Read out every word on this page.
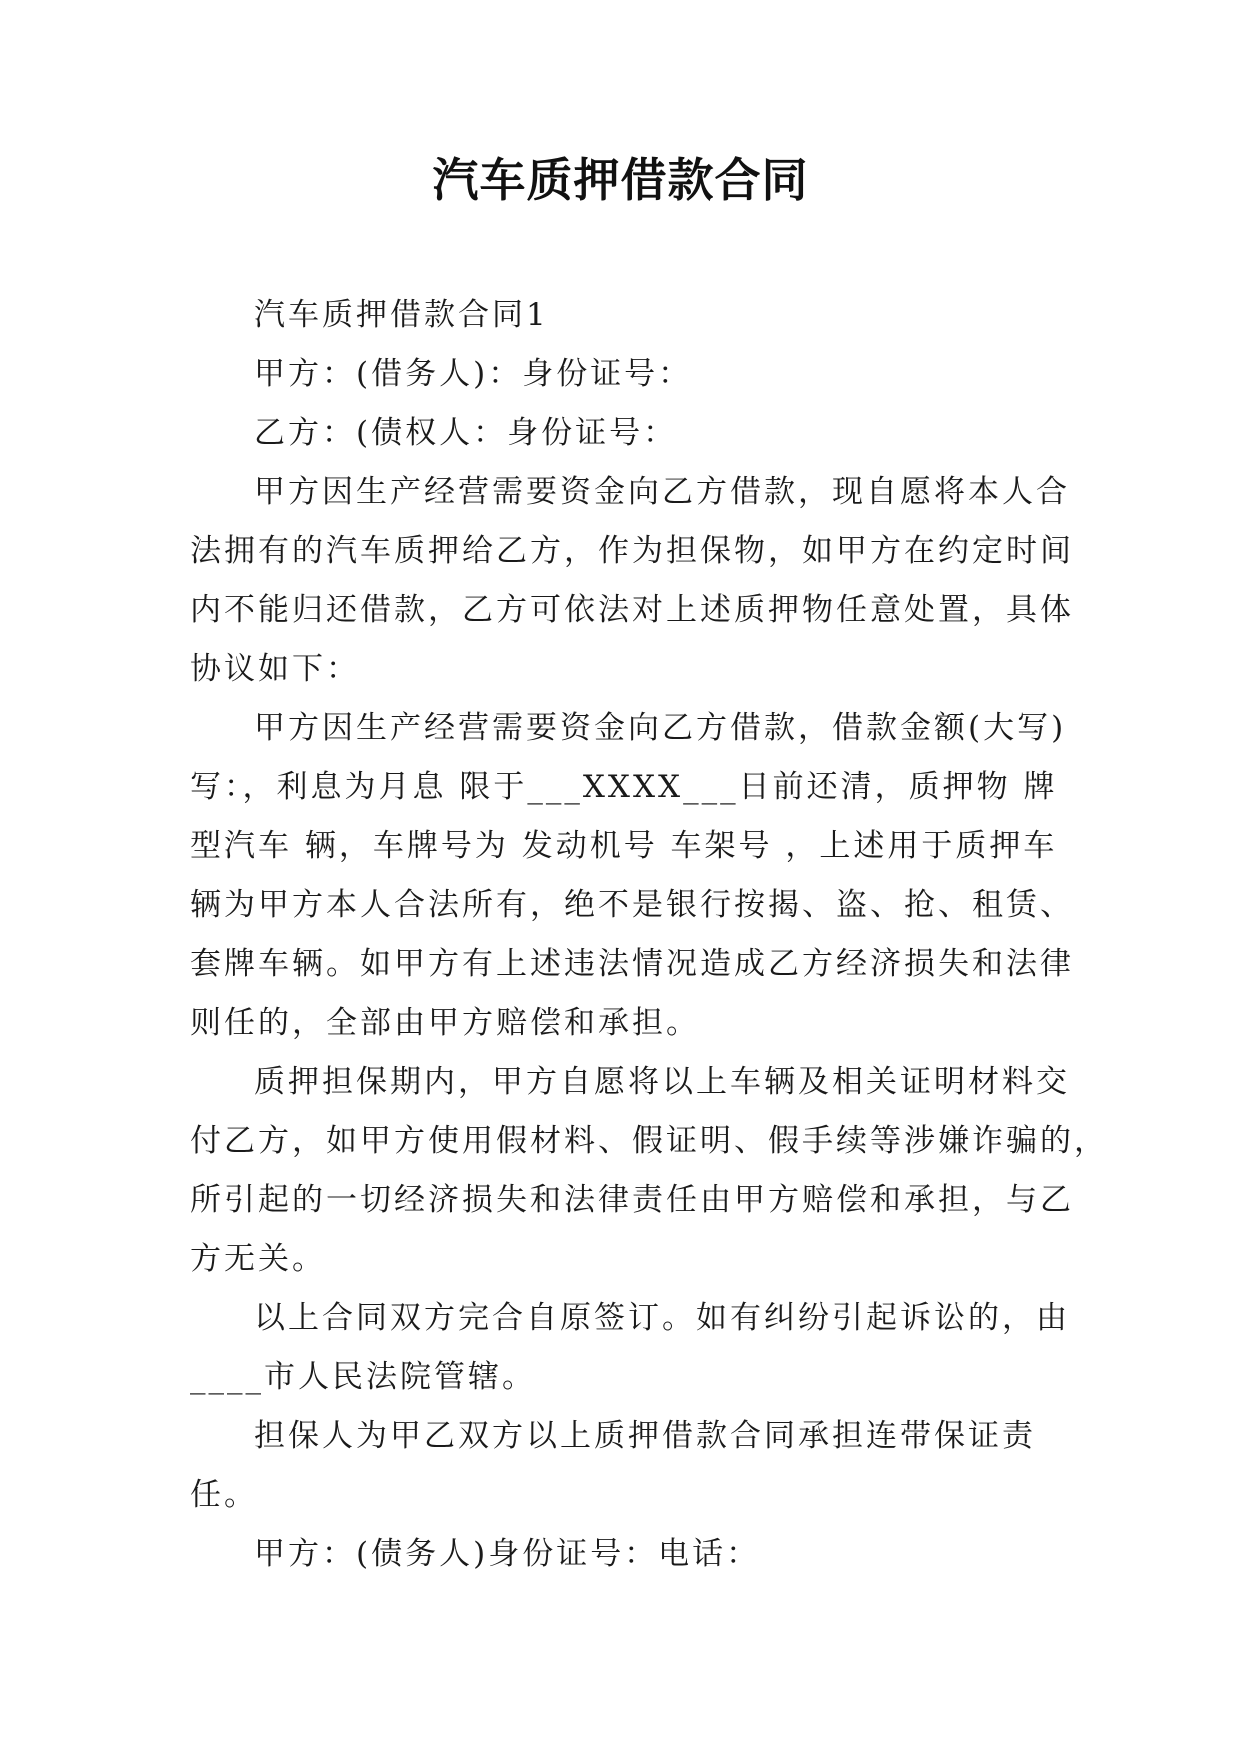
汽车质押借款合同

汽车质押借款合同1

甲方：(借务人)：身份证号：

乙方：(债权人：身份证号：

甲方因生产经营需要资金向乙方借款，现自愿将本人合

法拥有的汽车质押给乙方，作为担保物，如甲方在约定时间

内不能归还借款，乙方可依法对上述质押物任意处置，具体

协议如下：

甲方因生产经营需要资金向乙方借款，借款金额(大写)

写：，利息为月息 限于___XXXX___日前还清，质押物 牌

型汽车 辆，车牌号为 发动机号 车架号 ，上述用于质押车

辆为甲方本人合法所有，绝不是银行按揭、盗、抢、租赁、

套牌车辆。如甲方有上述违法情况造成乙方经济损失和法律

则任的，全部由甲方赔偿和承担。

质押担保期内，甲方自愿将以上车辆及相关证明材料交

付乙方，如甲方使用假材料、假证明、假手续等涉嫌诈骗的，

所引起的一切经济损失和法律责任由甲方赔偿和承担，与乙

方无关。

以上合同双方完合自原签订。如有纠纷引起诉讼的，由

____市人民法院管辖。

担保人为甲乙双方以上质押借款合同承担连带保证责

任。

甲方：(债务人)身份证号：电话：
